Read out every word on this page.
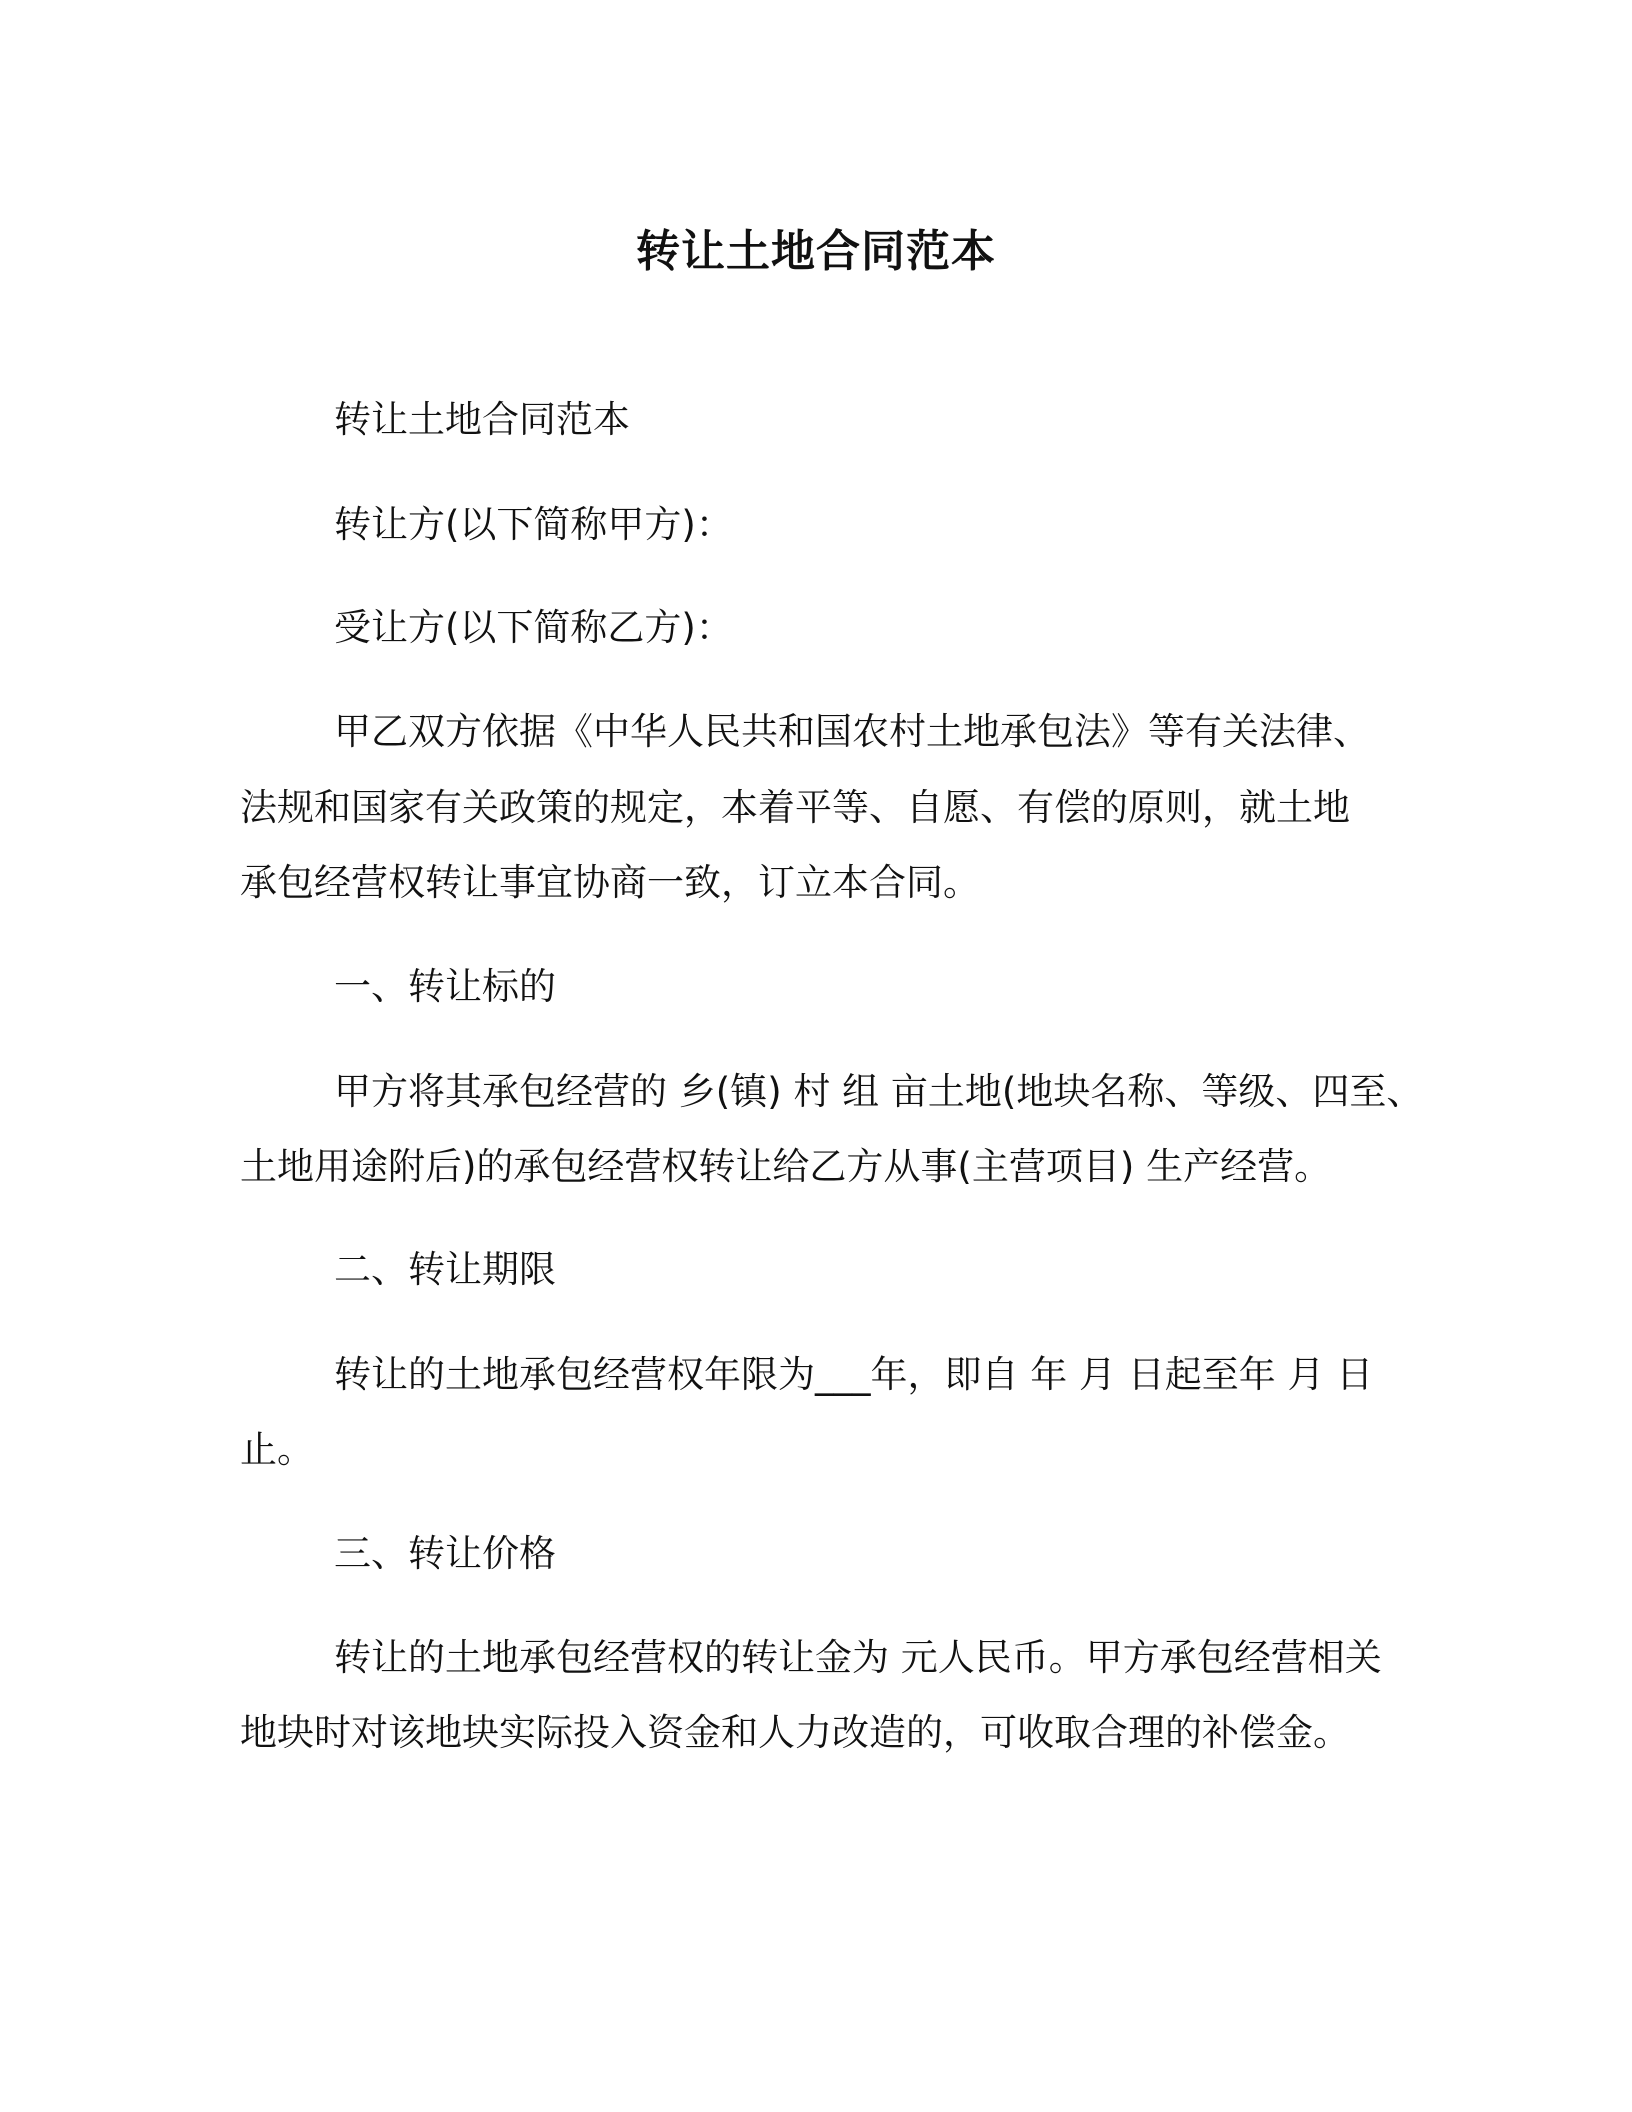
转让土地合同范本
转让土地合同范本
转让方(以下简称甲方)：
受让方(以下简称乙方)：
甲乙双方依据《中华人民共和国农村土地承包法》等有关法律、
法规和国家有关政策的规定，本着平等、自愿、有偿的原则，就土地
承包经营权转让事宜协商一致，订立本合同。
一、转让标的
甲方将其承包经营的 乡(镇) 村 组 亩土地(地块名称、等级、四至、
土地用途附后)的承包经营权转让给乙方从事(主营项目) 生产经营。
二、转让期限
转让的土地承包经营权年限为___年，即自 年 月 日起至年 月 日
止。
三、转让价格
转让的土地承包经营权的转让金为 元人民币。甲方承包经营相关
地块时对该地块实际投入资金和人力改造的，可收取合理的补偿金。
